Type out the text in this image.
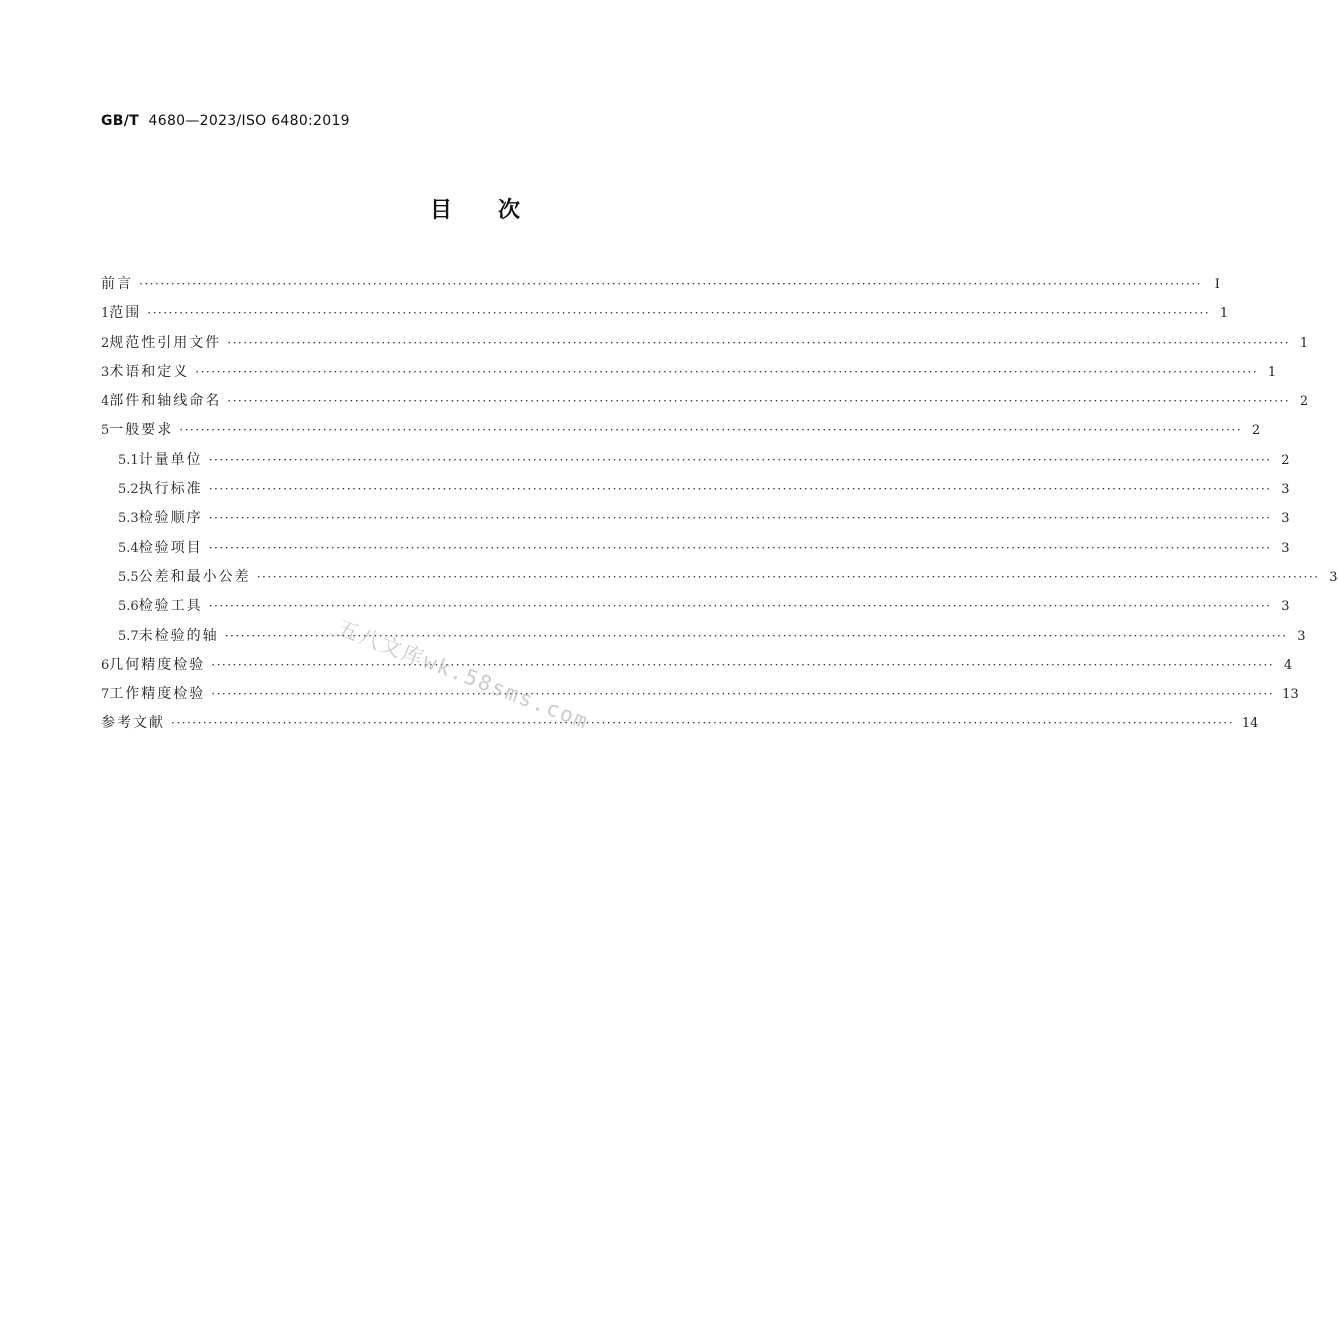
GB/T 4680—2023/ISO 6480:2019
目次
前言 ········································································································································································································ Ⅰ
1 范围 ········································································································································································································ 1
2 规范性引用文件 ········································································································································································································ 1
3 术语和定义 ········································································································································································································ 1
4 部件和轴线命名 ········································································································································································································ 2
5 一般要求 ········································································································································································································ 2
5.1 计量单位 ········································································································································································································ 2
5.2 执行标准 ········································································································································································································ 3
5.3 检验顺序 ········································································································································································································ 3
5.4 检验项目 ········································································································································································································ 3
5.5 公差和最小公差 ········································································································································································································ 3
5.6 检验工具 ········································································································································································································ 3
5.7 未检验的轴 ········································································································································································································ 3
6 几何精度检验 ········································································································································································································ 4
7 工作精度检验 ········································································································································································································ 13
参考文献 ········································································································································································································ 14
五八文库wk.58sms.com
